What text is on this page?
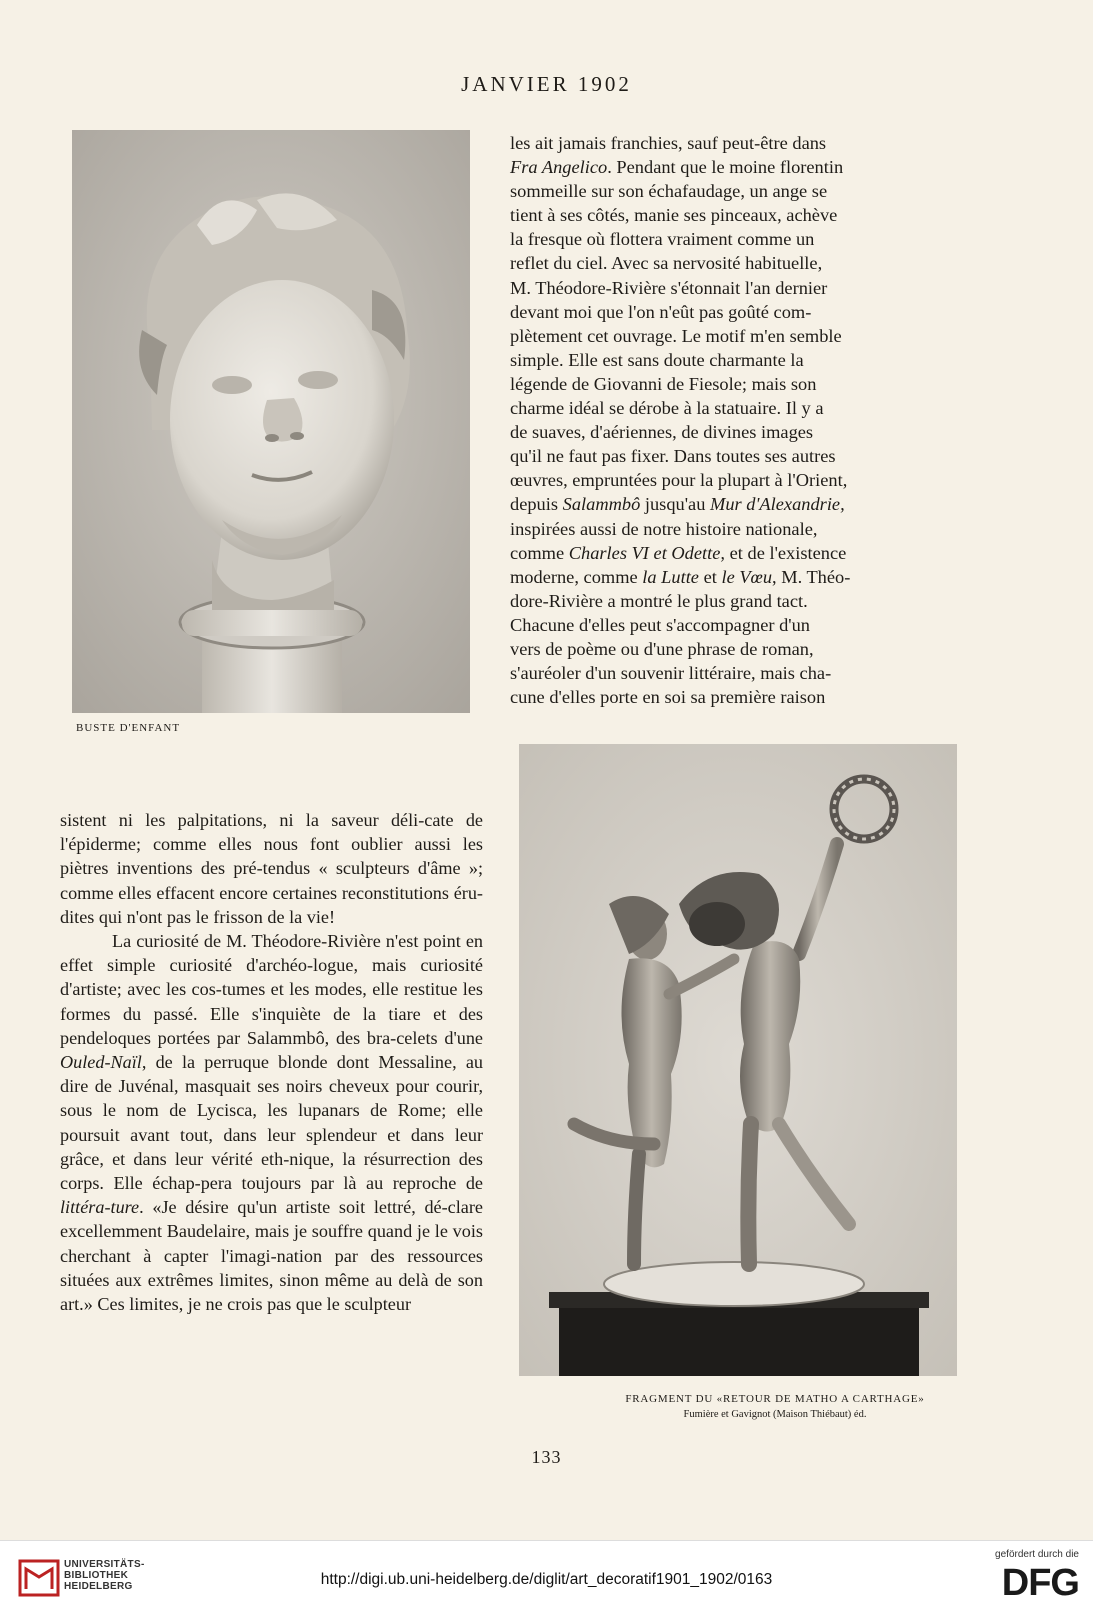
JANVIER 1902
BUSTE D'ENFANT

les ait jamais franchies, sauf peut-être dans

Fra Angelico. Pendant que le moine florentin

sommeille sur son échafaudage, un ange se

tient à ses côtés, manie ses pinceaux, achève

la fresque où flottera vraiment comme un

reflet du ciel. Avec sa nervosité habituelle,

M. Théodore-Rivière s'étonnait l'an dernier

devant moi que l'on n'eût pas goûté com-

plètement cet ouvrage. Le motif m'en semble

simple. Elle est sans doute charmante la

légende de Giovanni de Fiesole; mais son

charme idéal se dérobe à la statuaire. Il y a

de suaves, d'aériennes, de divines images

qu'il ne faut pas fixer. Dans toutes ses autres

œuvres, empruntées pour la plupart à l'Orient,

depuis Salammbô jusqu'au Mur d'Alexandrie,

inspirées aussi de notre histoire nationale,

comme Charles VI et Odette, et de l'existence

moderne, comme la Lutte et le Vœu, M. Théo-

dore-Rivière a montré le plus grand tact.

Chacune d'elles peut s'accompagner d'un

vers de poème ou d'une phrase de roman,

s'auréoler d'un souvenir littéraire, mais cha-

cune d'elles porte en soi sa première raison

sistent ni les palpitations, ni la saveur déli-cate de l'épiderme; comme elles nous font oublier aussi les piètres inventions des pré-tendus « sculpteurs d'âme »; comme elles effacent encore certaines reconstitutions éru-dites qui n'ont pas le frisson de la vie!

La curiosité de M. Théodore-Rivière n'est point en effet simple curiosité d'archéo-logue, mais curiosité d'artiste; avec les cos-tumes et les modes, elle restitue les formes du passé. Elle s'inquiète de la tiare et des pendeloques portées par Salammbô, des bra-celets d'une Ouled-Naïl, de la perruque blonde dont Messaline, au dire de Juvénal, masquait ses noirs cheveux pour courir, sous le nom de Lycisca, les lupanars de Rome; elle poursuit avant tout, dans leur splendeur et dans leur grâce, et dans leur vérité eth-nique, la résurrection des corps. Elle échap-pera toujours par là au reproche de littéra-ture. «Je désire qu'un artiste soit lettré, dé-clare excellemment Baudelaire, mais je souffre quand je le vois cherchant à capter l'imagi-nation par des ressources situées aux extrêmes limites, sinon même au delà de son art.» Ces limites, je ne crois pas que le sculpteur

FRAGMENT DU «RETOUR DE MATHO A CARTHAGE»
Fumière et Gavignot (Maison Thiébaut) éd.
133
UNIVERSITÄTS-
BIBLIOTHEK
HEIDELBERG	http://digi.ub.uni-heidelberg.de/diglit/art_decoratif1901_1902/0163
gefördert durch die
DFG
